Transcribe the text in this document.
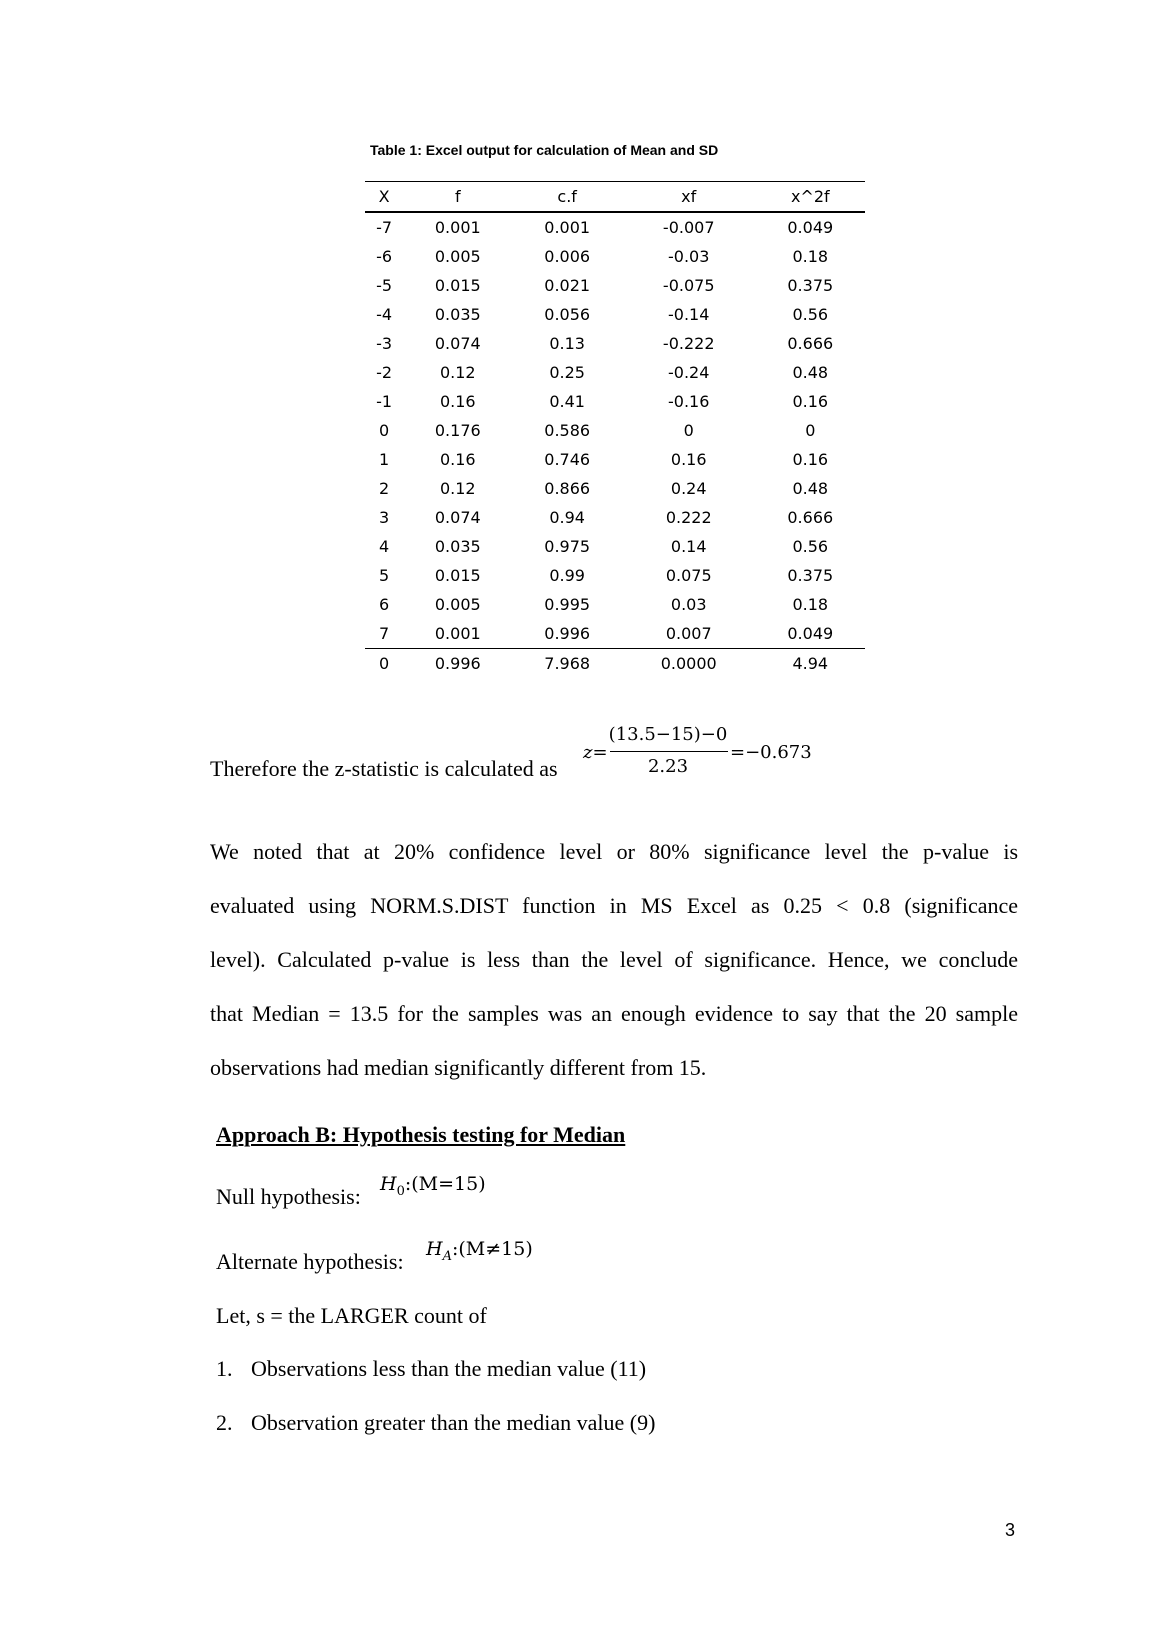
Table 1: Excel output for calculation of Mean and SD
X	f	c.f	xf	x^2f
-7	0.001	0.001	-0.007	0.049
-6	0.005	0.006	-0.03	0.18
-5	0.015	0.021	-0.075	0.375
-4	0.035	0.056	-0.14	0.56
-3	0.074	0.13	-0.222	0.666
-2	0.12	0.25	-0.24	0.48
-1	0.16	0.41	-0.16	0.16
0	0.176	0.586	0	0
1	0.16	0.746	0.16	0.16
2	0.12	0.866	0.24	0.48
3	0.074	0.94	0.222	0.666
4	0.035	0.975	0.14	0.56
5	0.015	0.99	0.075	0.375
6	0.005	0.995	0.03	0.18
7	0.001	0.996	0.007	0.049
0	0.996	7.968	0.0000	4.94
Therefore the z-statistic is calculated as
z=
(13.5−15)−0
2.23
=−0.673
We noted that at 20% confidence level or 80% significance level the p-value is
evaluated using NORM.S.DIST function in MS Excel as 0.25 < 0.8 (significance
level). Calculated p-value is less than the level of significance. Hence, we conclude
that Median = 13.5 for the samples was an enough evidence to say that the 20 sample
observations had median significantly different from 15.
Approach B: Hypothesis testing for Median
Null hypothesis: $H_0:(M=15)$
Alternate hypothesis: $H_A:(M\ne 15)$
Let, s = the LARGER count of
1. Observations less than the median value (11)
2. Observation greater than the median value (9)
3
